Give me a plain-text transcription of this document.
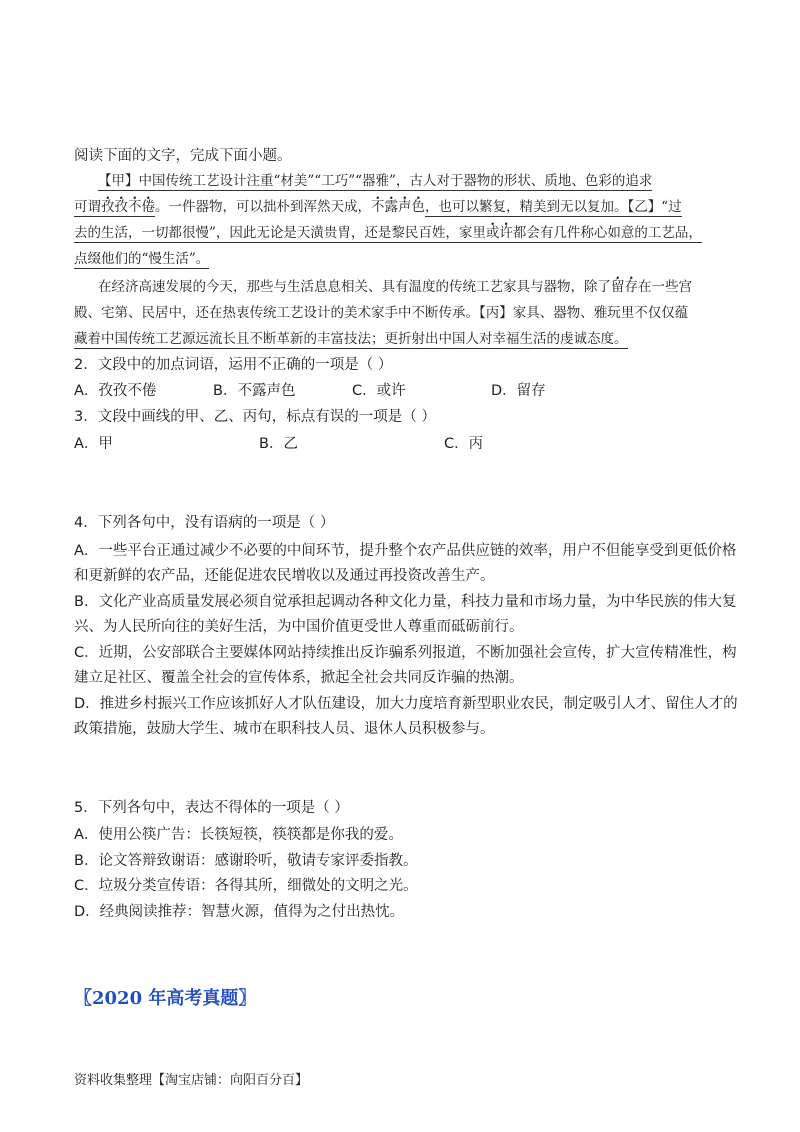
阅读下面的文字，完成下面小题。
【甲】中国传统工艺设计注重“材美”“工巧”“器雅”，古人对于器物的形状、质地、色彩的追求
可谓孜孜不倦。一件器物，可以拙朴到浑然天成，不露声色，也可以繁复，精美到无以复加。【乙】“过
去的生活，一切都很慢”，因此无论是天潢贵胄，还是黎民百姓，家里或许都会有几件称心如意的工艺品，
点缀他们的“慢生活”。
在经济高速发展的今天，那些与生活息息相关、具有温度的传统工艺家具与器物，除了留存在一些宫
殿、宅第、民居中，还在热衷传统工艺设计的美术家手中不断传承。【丙】家具、器物、雅玩里不仅仅蕴
藏着中国传统工艺源远流长且不断革新的丰富技法；更折射出中国人对幸福生活的虔诚态度。
2．文段中的加点词语，运用不正确的一项是（ ）
A．孜孜不倦	B．不露声色	C．或许	D．留存
3．文段中画线的甲、乙、丙句，标点有误的一项是（ ）
A．甲	B．乙	C．丙
4．下列各句中，没有语病的一项是（ ）
A．一些平台正通过减少不必要的中间环节，提升整个农产品供应链的效率，用户不但能享受到更低价格
和更新鲜的农产品，还能促进农民增收以及通过再投资改善生产。
B．文化产业高质量发展必须自觉承担起调动各种文化力量，科技力量和市场力量，为中华民族的伟大复
兴、为人民所向往的美好生活，为中国价值更受世人尊重而砥砺前行。
C．近期，公安部联合主要媒体网站持续推出反诈骗系列报道，不断加强社会宣传，扩大宣传精准性，构
建立足社区、覆盖全社会的宣传体系，掀起全社会共同反诈骗的热潮。
D．推进乡村振兴工作应该抓好人才队伍建设，加大力度培育新型职业农民，制定吸引人才、留住人才的
政策措施，鼓励大学生、城市在职科技人员、退休人员积极参与。
5．下列各句中，表达不得体的一项是（ ）
A．使用公筷广告：长筷短筷，筷筷都是你我的爱。
B．论文答辩致谢语：感谢聆听，敬请专家评委指教。
C．垃圾分类宣传语：各得其所，细微处的文明之光。
D．经典阅读推荐：智慧火源，值得为之付出热忱。
〖2020 年高考真题〗
资料收集整理【淘宝店铺：向阳百分百】
